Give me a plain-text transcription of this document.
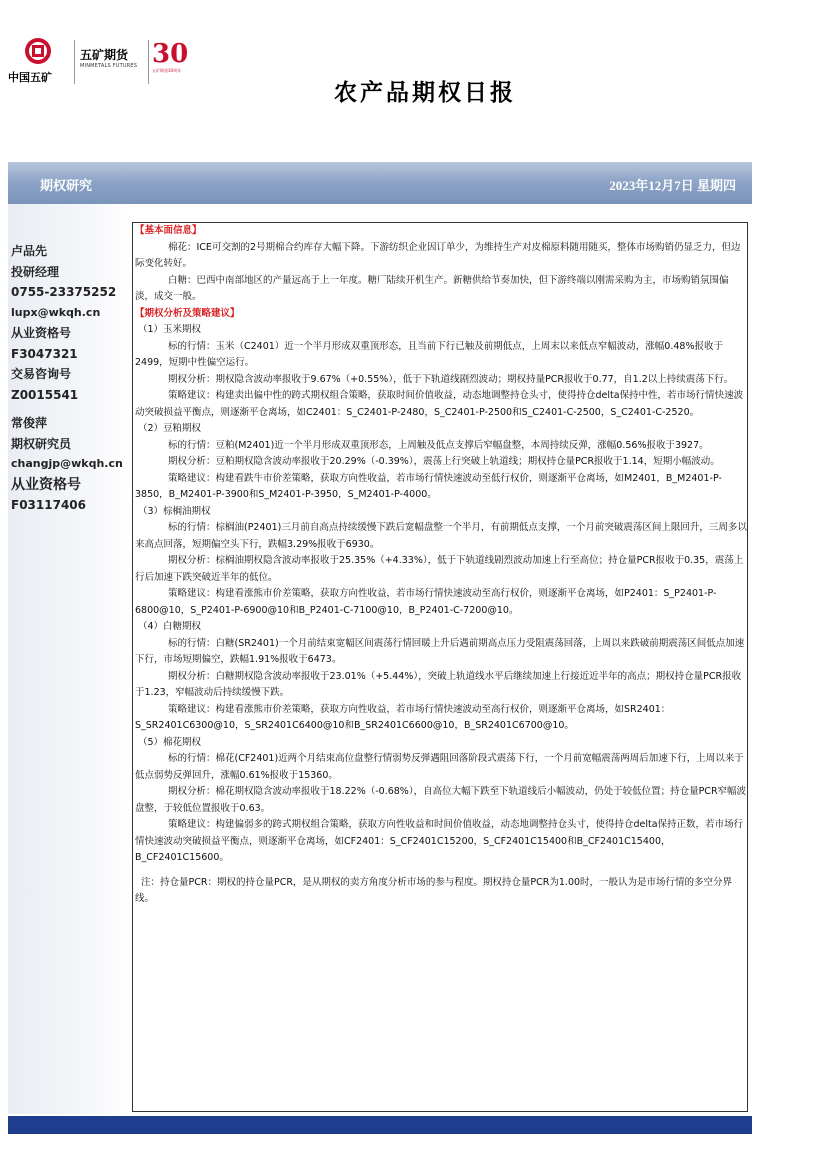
中国五矿
五矿期货
MINMETALS FUTURES 30
五矿期货30周年
农产品期权日报
期权研究	2023年12月7日 星期四
卢品先
投研经理
0755-23375252
lupx@wkqh.cn
从业资格号
F3047321
交易咨询号
Z0015541
常俊萍
期权研究员
changjp@wkqh.cn
从业资格号
F03117406

【基本面信息】

棉花：ICE可交割的2号期棉合约库存大幅下降。下游纺织企业因订单少，为维持生产对皮棉原料随用随买，整体市场购销仍显乏力，但边际变化转好。

白糖：巴西中南部地区的产量远高于上一年度。糖厂陆续开机生产。新糖供给节奏加快，但下游终端以刚需采购为主，市场购销氛围偏淡，成交一般。

【期权分析及策略建议】

（1）玉米期权

标的行情：玉米（C2401）近一个半月形成双重顶形态，且当前下行已触及前期低点，上周末以来低点窄幅波动，涨幅0.48%报收于2499，短期中性偏空运行。

期权分析：期权隐含波动率报收于9.67%（+0.55%），低于下轨道线剧烈波动；期权持量PCR报收于0.77，自1.2以上持续震荡下行。

策略建议：构建卖出偏中性的跨式期权组合策略，获取时间价值收益，动态地调整持仓头寸，使得持仓delta保持中性，若市场行情快速波动突破损益平衡点，则逐渐平仓离场，如C2401：S_C2401-P-2480，S_C2401-P-2500和S_C2401-C-2500，S_C2401-C-2520。

（2）豆粕期权

标的行情：豆粕(M2401)近一个半月形成双重顶形态，上周触及低点支撑后窄幅盘整，本周持续反弹，涨幅0.56%报收于3927。

期权分析：豆粕期权隐含波动率报收于20.29%（-0.39%），震荡上行突破上轨道线；期权持仓量PCR报收于1.14，短期小幅波动。

策略建议：构建看跌牛市价差策略，获取方向性收益，若市场行情快速波动至低行权价，则逐渐平仓离场，如M2401，B_M2401-P-3850，B_M2401-P-3900和S_M2401-P-3950，S_M2401-P-4000。

（3）棕榈油期权

标的行情：棕榈油(P2401)三月前自高点持续缓慢下跌后宽幅盘整一个半月，有前期低点支撑，一个月前突破震荡区间上限回升，三周多以来高点回落，短期偏空头下行，跌幅3.29%报收于6930。

期权分析：棕榈油期权隐含波动率报收于25.35%（+4.33%），低于下轨道线剧烈波动加速上行至高位；持仓量PCR报收于0.35，震荡上行后加速下跌突破近半年的低位。

策略建议：构建看涨熊市价差策略，获取方向性收益，若市场行情快速波动至高行权价，则逐渐平仓离场，如P2401：S_P2401-P-6800@10，S_P2401-P-6900@10和B_P2401-C-7100@10，B_P2401-C-7200@10。

（4）白糖期权

标的行情：白糖(SR2401)一个月前结束宽幅区间震荡行情回暖上升后遇前期高点压力受阻震荡回落，上周以来跌破前期震荡区间低点加速下行，市场短期偏空，跌幅1.91%报收于6473。

期权分析：白糖期权隐含波动率报收于23.01%（+5.44%），突破上轨道线水平后继续加速上行接近近半年的高点；期权持仓量PCR报收于1.23，窄幅波动后持续缓慢下跌。

策略建议：构建看涨熊市价差策略，获取方向性收益，若市场行情快速波动至高行权价，则逐渐平仓离场，如SR2401：S_SR2401C6300@10，S_SR2401C6400@10和B_SR2401C6600@10，B_SR2401C6700@10。

（5）棉花期权

标的行情：棉花(CF2401)近两个月结束高位盘整行情弱势反弹遇阻回落阶段式震荡下行，一个月前宽幅震荡两周后加速下行，上周以来于低点弱势反弹回升，涨幅0.61%报收于15360。

期权分析：棉花期权隐含波动率报收于18.22%（-0.68%），自高位大幅下跌至下轨道线后小幅波动，仍处于较低位置；持仓量PCR窄幅波盘整，于较低位置报收于0.63。

策略建议：构建偏弱多的跨式期权组合策略，获取方向性收益和时间价值收益，动态地调整持仓头寸，使得持仓delta保持正数，若市场行情快速波动突破损益平衡点，则逐渐平仓离场，如CF2401：S_CF2401C15200，S_CF2401C15400和B_CF2401C15400，B_CF2401C15600。

注：持仓量PCR：期权的持仓量PCR，是从期权的卖方角度分析市场的参与程度。期权持仓量PCR为1.00时，一般认为是市场行情的多空分界线。
